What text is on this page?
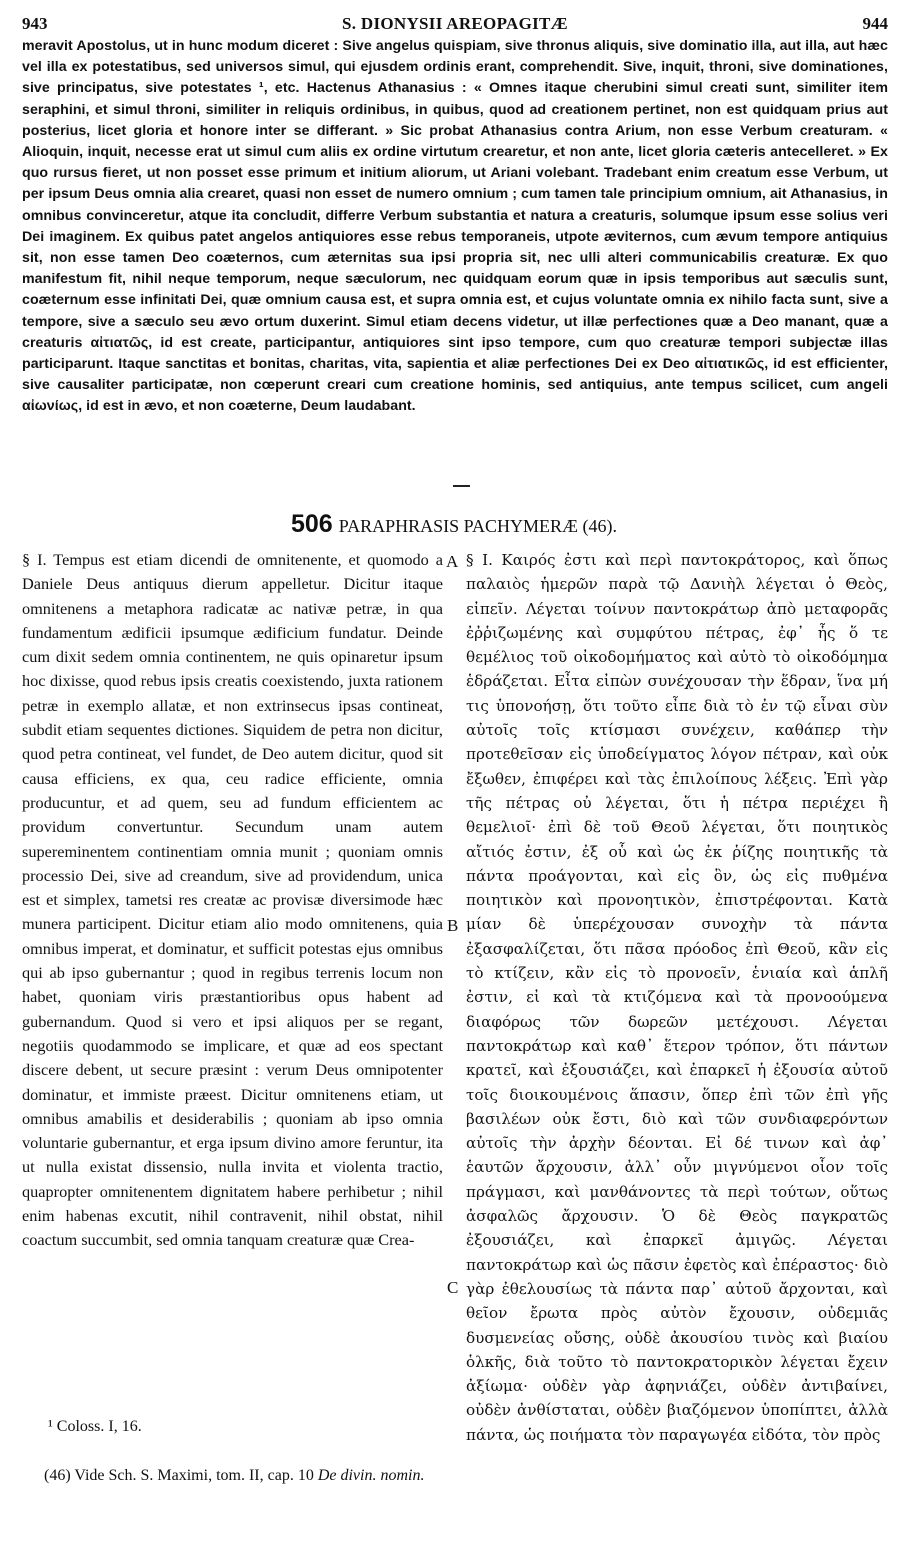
943	S. DIONYSII AREOPAGITÆ	944

meravit Apostolus, ut in hunc modum diceret : Sive angelus quispiam, sive thronus aliquis, sive dominatio illa, aut illa, aut hæc vel illa ex potestatibus, sed universos simul, qui ejusdem ordinis erant, comprehendit. Sive, inquit, throni, sive dominationes, sive principatus, sive potestates ¹, etc. Hactenus Athanasius : « Omnes itaque cherubini simul creati sunt, similiter item seraphini, et simul throni, similiter in reliquis ordinibus, in quibus, quod ad creationem pertinet, non est quidquam prius aut posterius, licet gloria et honore inter se differant. » Sic probat Athanasius contra Arium, non esse Verbum creaturam. « Alioquin, inquit, necesse erat ut simul cum aliis ex ordine virtutum crearetur, et non ante, licet gloria cæteris antecelleret. » Ex quo rursus fieret, ut non posset esse primum et initium aliorum, ut Ariani volebant. Tradebant enim creatum esse Verbum, ut per ipsum Deus omnia alia crearet, quasi non esset de numero omnium ; cum tamen tale principium omnium, ait Athanasius, in omnibus convinceretur, atque ita concludit, differre Verbum substantia et natura a creaturis, solumque ipsum esse solius veri Dei imaginem. Ex quibus patet angelos antiquiores esse rebus temporaneis, utpote æviternos, cum ævum tempore antiquius sit, non esse tamen Deo coæternos, cum æternitas sua ipsi propria sit, nec ulli alteri communicabilis creaturæ. Ex quo manifestum fit, nihil neque temporum, neque sæculorum, nec quidquam eorum quæ in ipsis temporibus aut sæculis sunt, coæternum esse infinitati Dei, quæ omnium causa est, et supra omnia est, et cujus voluntate omnia ex nihilo facta sunt, sive a tempore, sive a sæculo seu ævo ortum duxerint. Simul etiam decens videtur, ut illæ perfectiones quæ a Deo manant, quæ a creaturis αἰτιατῶς, id est create, participantur, antiquiores sint ipso tempore, cum quo creaturæ tempori subjectæ illas participarunt. Itaque sanctitas et bonitas, charitas, vita, sapientia et aliæ perfectiones Dei ex Deo αἰτιατικῶς, id est efficienter, sive causaliter participatæ, non cœperunt creari cum creatione hominis, sed antiquius, ante tempus scilicet, cum angeli αἰωνίως, id est in ævo, et non coæterne, Deum laudabant.

506 PARAPHRASIS PACHYMERÆ (46).

§ I. Tempus est etiam dicendi de omnitenente, et quomodo a Daniele Deus antiquus dierum appelletur. Dicitur itaque omnitenens a metaphora radicatæ ac nativæ petræ, in qua fundamentum ædificii ipsumque ædificium fundatur. Deinde cum dixit sedem omnia continentem, ne quis opinaretur ipsum hoc dixisse, quod rebus ipsis creatis coexistendo, juxta rationem petræ in exemplo allatæ, et non extrinsecus ipsas contineat, subdit etiam sequentes dictiones. Siquidem de petra non dicitur, quod petra contineat, vel fundet, de Deo autem dicitur, quod sit causa efficiens, ex qua, ceu radice efficiente, omnia producuntur, et ad quem, seu ad fundum efficientem ac providum convertuntur. Secundum unam autem supereminentem continentiam omnia munit ; quoniam omnis processio Dei, sive ad creandum, sive ad providendum, unica est et simplex, tametsi res creatæ ac provisæ diversimode hæc munera participent. Dicitur etiam alio modo omnitenens, quia omnibus imperat, et dominatur, et sufficit potestas ejus omnibus qui ab ipso gubernantur ; quod in regibus terrenis locum non habet, quoniam viris præstantioribus opus habent ad gubernandum. Quod si vero et ipsi aliquos per se regant, negotiis quodammodo se implicare, et quæ ad eos spectant discere debent, ut secure præsint : verum Deus omnipotenter dominatur, et immiste præest. Dicitur omnitenens etiam, ut omnibus amabilis et desiderabilis ; quoniam ab ipso omnia voluntarie gubernantur, et erga ipsum divino amore feruntur, ita ut nulla existat dissensio, nulla invita et violenta tractio, quapropter omnitenentem dignitatem habere perhibetur ; nihil enim habenas excutit, nihil contravenit, nihil obstat, nihil coactum succumbit, sed omnia tanquam creaturæ quæ Crea-

A
B
C

§ I. Καιρός ἐστι καὶ περὶ παντοκράτορος, καὶ ὅπως παλαιὸς ἡμερῶν παρὰ τῷ Δανιὴλ λέγεται ὁ Θεὸς, εἰπεῖν. Λέγεται τοίνυν παντοκράτωρ ἀπὸ μεταφορᾶς ἐῤῥιζωμένης καὶ συμφύτου πέτρας, ἐφ᾽ ἧς ὅ τε θεμέλιος τοῦ οἰκοδομήματος καὶ αὐτὸ τὸ οἰκοδόμημα ἑδράζεται. Εἶτα εἰπὼν συνέχουσαν τὴν ἕδραν, ἵνα μή τις ὑπονοήσῃ, ὅτι τοῦτο εἶπε διὰ τὸ ἐν τῷ εἶναι σὺν αὐτοῖς τοῖς κτίσμασι συνέχειν, καθάπερ τὴν προτεθεῖσαν εἰς ὑποδείγματος λόγον πέτραν, καὶ οὐκ ἔξωθεν, ἐπιφέρει καὶ τὰς ἐπιλοίπους λέξεις. Ἐπὶ γὰρ τῆς πέτρας οὐ λέγεται, ὅτι ἡ πέτρα περιέχει ἢ θεμελιοῖ· ἐπὶ δὲ τοῦ Θεοῦ λέγεται, ὅτι ποιητικὸς αἴτιός ἐστιν, ἐξ οὗ καὶ ὡς ἐκ ῥίζης ποιητικῆς τὰ πάντα προάγονται, καὶ εἰς ὃν, ὡς εἰς πυθμένα ποιητικὸν καὶ προνοητικὸν, ἐπιστρέφονται. Κατὰ μίαν δὲ ὑπερέχουσαν συνοχὴν τὰ πάντα ἐξασφαλίζεται, ὅτι πᾶσα πρόοδος ἐπὶ Θεοῦ, κἂν εἰς τὸ κτίζειν, κἂν εἰς τὸ προνοεῖν, ἑνιαία καὶ ἁπλῆ ἐστιν, εἰ καὶ τὰ κτιζόμενα καὶ τὰ προνοούμενα διαφόρως τῶν δωρεῶν μετέχουσι. Λέγεται παντοκράτωρ καὶ καθ᾽ ἕτερον τρόπον, ὅτι πάντων κρατεῖ, καὶ ἐξουσιάζει, καὶ ἐπαρκεῖ ἡ ἐξουσία αὐτοῦ τοῖς διοικουμένοις ἅπασιν, ὅπερ ἐπὶ τῶν ἐπὶ γῆς βασιλέων οὐκ ἔστι, διὸ καὶ τῶν συνδιαφερόντων αὐτοῖς τὴν ἀρχὴν δέονται. Εἰ δέ τινων καὶ ἀφ᾽ ἑαυτῶν ἄρχουσιν, ἀλλ᾽ οὖν μιγνύμενοι οἷον τοῖς πράγμασι, καὶ μανθάνοντες τὰ περὶ τούτων, οὕτως ἀσφαλῶς ἄρχουσιν. Ὁ δὲ Θεὸς παγκρατῶς ἐξουσιάζει, καὶ ἐπαρκεῖ ἀμιγῶς. Λέγεται παντοκράτωρ καὶ ὡς πᾶσιν ἐφετὸς καὶ ἐπέραστος· διὸ γὰρ ἐθελουσίως τὰ πάντα παρ᾽ αὐτοῦ ἄρχονται, καὶ θεῖον ἔρωτα πρὸς αὐτὸν ἔχουσιν, οὐδεμιᾶς δυσμενείας οὔσης, οὐδὲ ἀκουσίου τινὸς καὶ βιαίου ὁλκῆς, διὰ τοῦτο τὸ παντοκρατορικὸν λέγεται ἔχειν ἀξίωμα· οὐδὲν γὰρ ἀφηνιάζει, οὐδὲν ἀντιβαίνει, οὐδὲν ἀνθίσταται, οὐδὲν βιαζόμενον ὑποπίπτει, ἀλλὰ πάντα, ὡς ποιήματα τὸν παραγωγέα εἰδότα, τὸν πρὸς

¹ Coloss. I, 16.
(46) Vide Sch. S. Maximi, tom. II, cap. 10 De divin. nomin.
